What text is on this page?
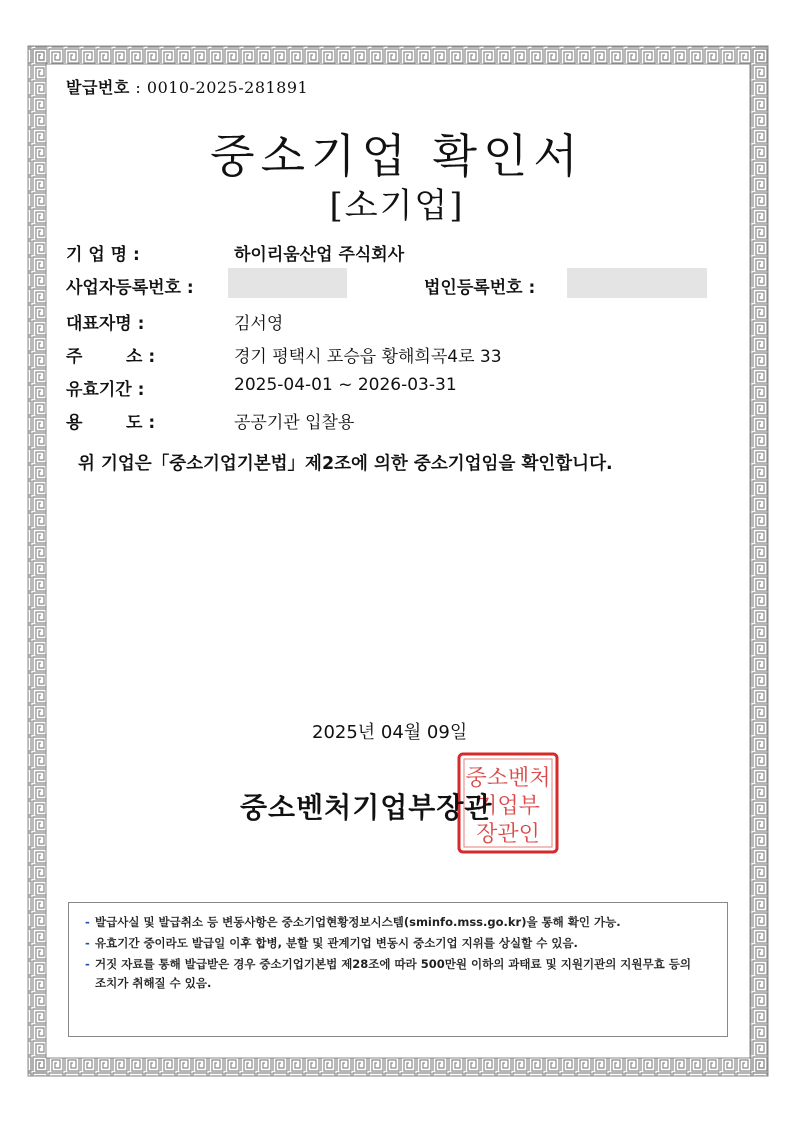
발급번호 : 0010-2025-281891
중소기업 확인서
[소기업]
기 업 명 :	하이리움산업 주식회사
사업자등록번호 :	법인등록번호 :
대표자명 :	김서영
주	소 :	경기 평택시 포승읍 황해희곡4로 33
유효기간 :	2025-04-01 ~ 2026-03-31
용	도 :	공공기관 입찰용
위 기업은「중소기업기본법」제2조에 의한 중소기업임을 확인합니다.
2025년 04월 09일
중소벤처
기업부
장관인
중소벤처기업부장관
- 발급사실 및 발급취소 등 변동사항은 중소기업현황정보시스템(sminfo.mss.go.kr)을 통해 확인 가능.
- 유효기간 중이라도 발급일 이후 합병, 분할 및 관계기업 변동시 중소기업 지위를 상실할 수 있음.
- 거짓 자료를 통해 발급받은 경우 중소기업기본법 제28조에 따라 500만원 이하의 과태료 및 지원기관의 지원무효 등의 조치가 취해질 수 있음.
